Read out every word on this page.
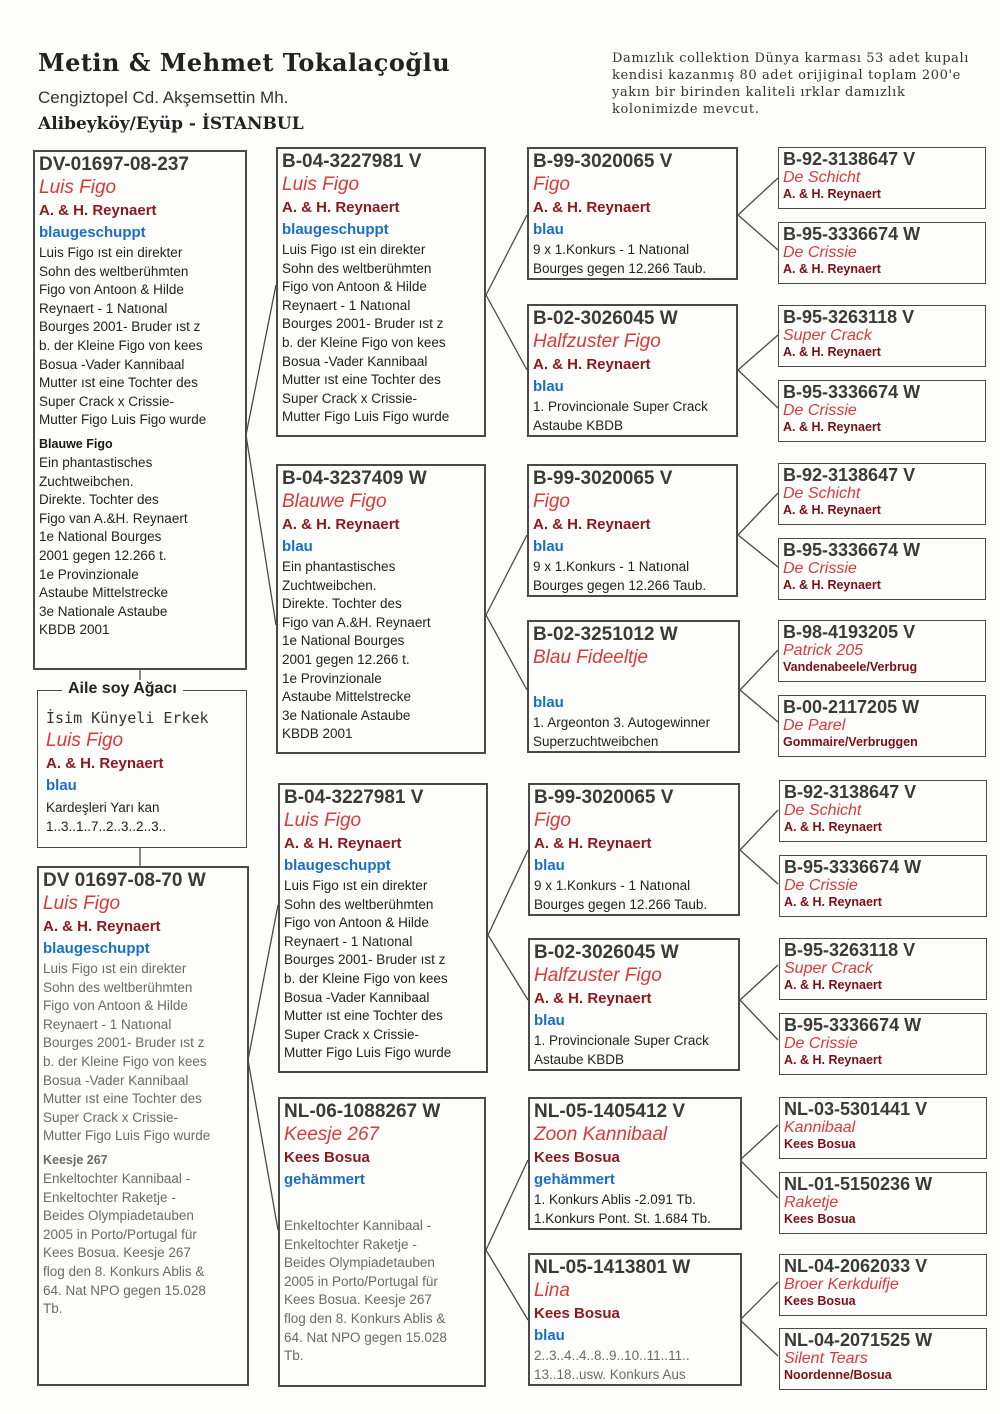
Metin & Mehmet Tokalaçoğlu
Cengiztopel Cd. Akşemsettin Mh.
Alibeyköy/Eyüp - İSTANBUL
Damızlık collektion Dünya karması 53 adet kupalı kendisi kazanmış 80 adet orijiginal toplam 200'e yakın bir birinden kaliteli ırklar damızlık kolonimizde mevcut.
DV-01697-08-237
Luis Figo
A. & H. Reynaert
blaugeschuppt
Luis Figo ıst ein direkter
Sohn des weltberühmten
Figo von Antoon & Hilde
Reynaert - 1 Natıonal
Bourges 2001- Bruder ıst z
b. der Kleine Figo von kees
Bosua -Vader Kannibaal
Mutter ıst eine Tochter des
Super Crack x Crissie-
Mutter Figo Luis Figo wurde
Blauwe Figo
Ein phantastisches
Zuchtweibchen.
Direkte. Tochter des
Figo van A.&H. Reynaert
1e National Bourges
2001 gegen 12.266 t.
1e Provinzionale
Astaube Mittelstrecke
3e Nationale Astaube
KBDB 2001
İsim Künyeli Erkek
Luis Figo
A. & H. Reynaert
blau
Kardeşleri Yarı kan
1..3..1..7..2..3..2..3..
Aile soy Ağacı
DV 01697-08-70 W
Luis Figo
A. & H. Reynaert
blaugeschuppt
Luis Figo ıst ein direkter
Sohn des weltberühmten
Figo von Antoon & Hilde
Reynaert - 1 Natıonal
Bourges 2001- Bruder ıst z
b. der Kleine Figo von kees
Bosua -Vader Kannibaal
Mutter ıst eine Tochter des
Super Crack x Crissie-
Mutter Figo Luis Figo wurde
Keesje 267
Enkeltochter Kannibaal -
Enkeltochter Raketje -
Beides Olympiadetauben
2005 in Porto/Portugal für
Kees Bosua. Keesje 267
flog den 8. Konkurs Ablis &
64. Nat NPO gegen 15.028
Tb.
B-04-3227981 V
Luis Figo
A. & H. Reynaert
blaugeschuppt
Luis Figo ıst ein direkter
Sohn des weltberühmten
Figo von Antoon & Hilde
Reynaert - 1 Natıonal
Bourges 2001- Bruder ıst z
b. der Kleine Figo von kees
Bosua -Vader Kannibaal
Mutter ıst eine Tochter des
Super Crack x Crissie-
Mutter Figo Luis Figo wurde
B-04-3237409 W
Blauwe Figo
A. & H. Reynaert
blau
Ein phantastisches
Zuchtweibchen.
Direkte. Tochter des
Figo van A.&H. Reynaert
1e National Bourges
2001 gegen 12.266 t.
1e Provinzionale
Astaube Mittelstrecke
3e Nationale Astaube
KBDB 2001
B-04-3227981 V
Luis Figo
A. & H. Reynaert
blaugeschuppt
Luis Figo ıst ein direkter
Sohn des weltberühmten
Figo von Antoon & Hilde
Reynaert - 1 Natıonal
Bourges 2001- Bruder ıst z
b. der Kleine Figo von kees
Bosua -Vader Kannibaal
Mutter ıst eine Tochter des
Super Crack x Crissie-
Mutter Figo Luis Figo wurde
NL-06-1088267 W
Keesje 267
Kees Bosua
gehämmert
Enkeltochter Kannibaal -
Enkeltochter Raketje -
Beides Olympiadetauben
2005 in Porto/Portugal für
Kees Bosua. Keesje 267
flog den 8. Konkurs Ablis &
64. Nat NPO gegen 15.028
Tb.
B-99-3020065 V
Figo
A. & H. Reynaert
blau
9 x 1.Konkurs - 1 Natıonal
Bourges gegen 12.266 Taub.
B-02-3026045 W
Halfzuster Figo
A. & H. Reynaert
blau
1. Provincionale Super Crack
Astaube KBDB
B-99-3020065 V
Figo
A. & H. Reynaert
blau
9 x 1.Konkurs - 1 Natıonal
Bourges gegen 12.266 Taub.
B-02-3251012 W
Blau Fideeltje
blau
1. Argeonton 3. Autogewinner
Superzuchtweibchen
B-99-3020065 V
Figo
A. & H. Reynaert
blau
9 x 1.Konkurs - 1 Natıonal
Bourges gegen 12.266 Taub.
B-02-3026045 W
Halfzuster Figo
A. & H. Reynaert
blau
1. Provincionale Super Crack
Astaube KBDB
NL-05-1405412 V
Zoon Kannibaal
Kees Bosua
gehämmert
1. Konkurs Ablis -2.091 Tb.
1.Konkurs Pont. St. 1.684 Tb.
NL-05-1413801 W
Lina
Kees Bosua
blau
2..3..4..4..8..9..10..11..11..
13..18..usw. Konkurs Aus
B-92-3138647 V
De Schicht
A. & H. Reynaert
B-95-3336674 W
De Crissie
A. & H. Reynaert
B-95-3263118 V
Super Crack
A. & H. Reynaert
B-95-3336674 W
De Crissie
A. & H. Reynaert
B-92-3138647 V
De Schicht
A. & H. Reynaert
B-95-3336674 W
De Crissie
A. & H. Reynaert
B-98-4193205 V
Patrick 205
Vandenabeele/Verbrug
B-00-2117205 W
De Parel
Gommaire/Verbruggen
B-92-3138647 V
De Schicht
A. & H. Reynaert
B-95-3336674 W
De Crissie
A. & H. Reynaert
B-95-3263118 V
Super Crack
A. & H. Reynaert
B-95-3336674 W
De Crissie
A. & H. Reynaert
NL-03-5301441 V
Kannibaal
Kees Bosua
NL-01-5150236 W
Raketje
Kees Bosua
NL-04-2062033 V
Broer Kerkduifje
Kees Bosua
NL-04-2071525 W
Silent Tears
Noordenne/Bosua
